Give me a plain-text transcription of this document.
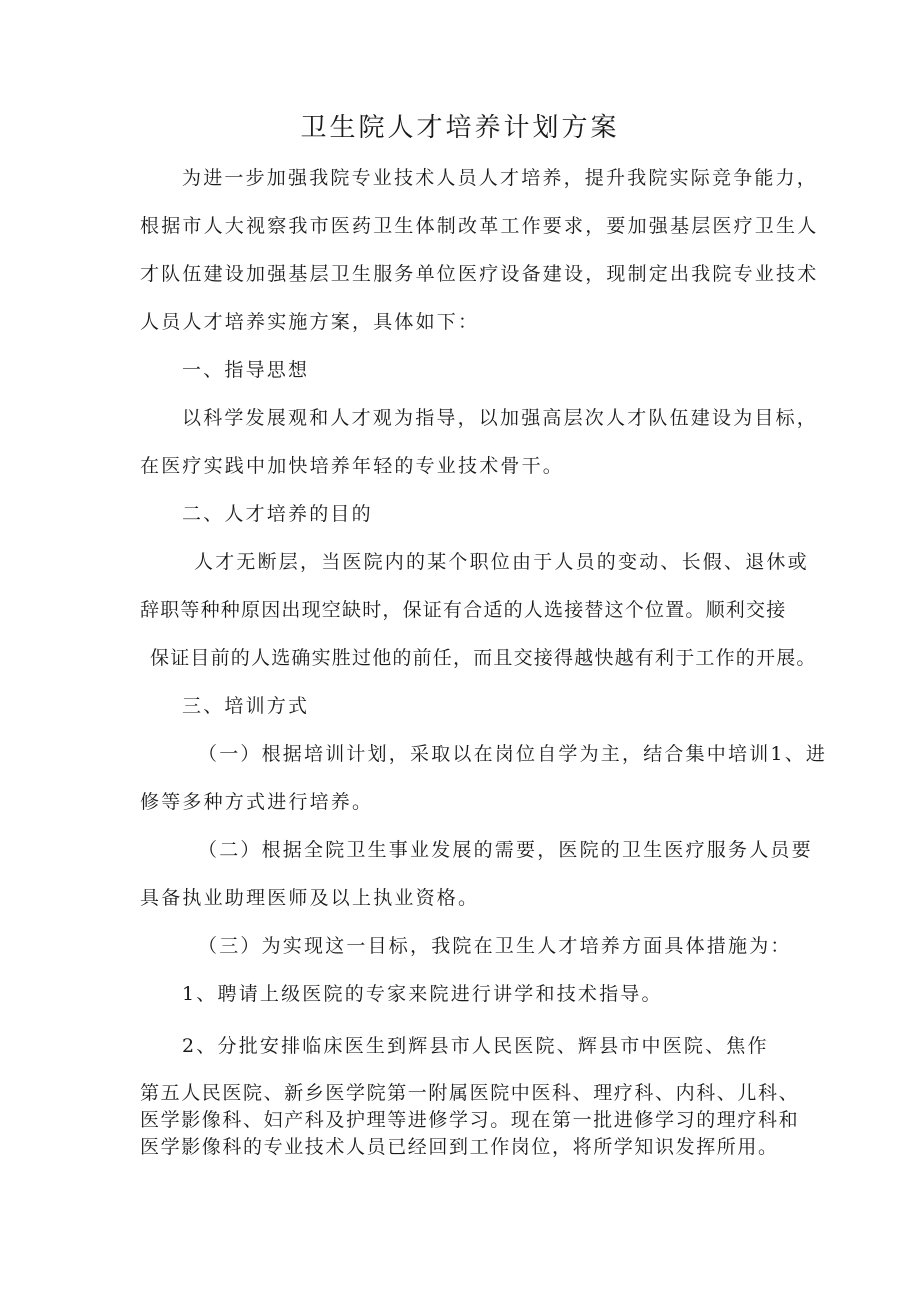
卫生院人才培养计划方案
为进一步加强我院专业技术人员人才培养，提升我院实际竞争能力，
根据市人大视察我市医药卫生体制改革工作要求，要加强基层医疗卫生人
才队伍建设加强基层卫生服务单位医疗设备建设，现制定出我院专业技术
人员人才培养实施方案，具体如下：
一、指导思想
以科学发展观和人才观为指导，以加强高层次人才队伍建设为目标，
在医疗实践中加快培养年轻的专业技术骨干。
二、人才培养的目的
人才无断层，当医院内的某个职位由于人员的变动、长假、退休或
辞职等种种原因出现空缺时，保证有合适的人选接替这个位置。顺利交接
保证目前的人选确实胜过他的前任，而且交接得越快越有利于工作的开展。
三、培训方式
（一）根据培训计划，采取以在岗位自学为主，结合集中培训1、进
修等多种方式进行培养。
（二）根据全院卫生事业发展的需要，医院的卫生医疗服务人员要
具备执业助理医师及以上执业资格。
（三）为实现这一目标，我院在卫生人才培养方面具体措施为：
1、聘请上级医院的专家来院进行讲学和技术指导。
2、分批安排临床医生到辉县市人民医院、辉县市中医院、焦作
第五人民医院、新乡医学院第一附属医院中医科、理疗科、内科、儿科、
医学影像科、妇产科及护理等进修学习。现在第一批进修学习的理疗科和
医学影像科的专业技术人员已经回到工作岗位，将所学知识发挥所用。
